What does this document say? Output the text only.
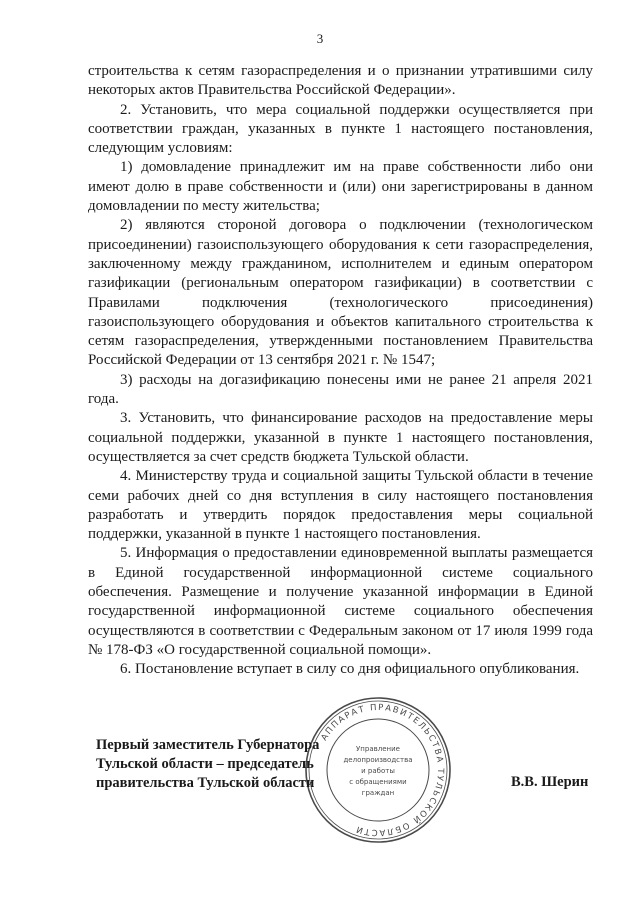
3

строительства к сетям газораспределения и о признании утратившими силу некоторых актов Правительства Российской Федерации».

2. Установить, что мера социальной поддержки осуществляется при соответствии граждан, указанных в пункте 1 настоящего постановления, следующим условиям:

1) домовладение принадлежит им на праве собственности либо они имеют долю в праве собственности и (или) они зарегистрированы в данном домовладении по месту жительства;

2) являются стороной договора о подключении (технологическом присоединении) газоиспользующего оборудования к сети газораспределения, заключенному между гражданином, исполнителем и единым оператором газификации (региональным оператором газификации) в соответствии с Правилами подключения (технологического присоединения) газоиспользующего оборудования и объектов капитального строительства к сетям газораспределения, утвержденными постановлением Правительства Российской Федерации от 13 сентября 2021 г. № 1547;

3) расходы на догазификацию понесены ими не ранее 21 апреля 2021 года.

3. Установить, что финансирование расходов на предоставление меры социальной поддержки, указанной в пункте 1 настоящего постановления, осуществляется за счет средств бюджета Тульской области.

4. Министерству труда и социальной защиты Тульской области в течение семи рабочих дней со дня вступления в силу настоящего постановления разработать и утвердить порядок предоставления меры социальной поддержки, указанной в пункте 1 настоящего постановления.

5. Информация о предоставлении единовременной выплаты размещается в Единой государственной информационной системе социального обеспечения. Размещение и получение указанной информации в Единой государственной информационной системе социального обеспечения осуществляются в соответствии с Федеральным законом от 17 июля 1999 года № 178-ФЗ «О государственной социальной помощи».

6. Постановление вступает в силу со дня официального опубликования.

АППАРАТ ПРАВИТЕЛЬСТВА ТУЛЬСКОЙ ОБЛАСТИ
Управление
делопроизводства
и работы
с обращениями
граждан
Первый заместитель Губернатора
Тульской области – председатель
правительства Тульской области	В.В. Шерин
